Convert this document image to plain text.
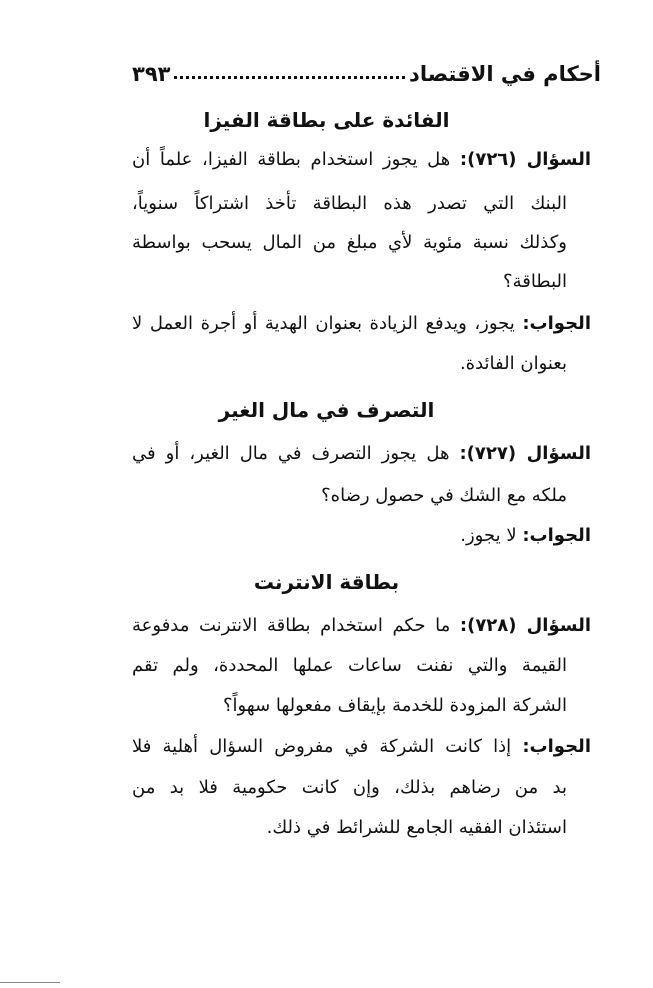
أحكام في الاقتصاد
٣٩٣
الفائدة على بطاقة الفيزا
السؤال (٧٢٦): هل يجوز استخدام بطاقة الفيزا، علماً أن
البنك التي تصدر هذه البطاقة تأخذ اشتراكاً سنوياً،
وكذلك نسبة مئوية لأي مبلغ من المال يسحب بواسطة
البطاقة؟
الجواب: يجوز، ويدفع الزيادة بعنوان الهدية أو أجرة العمل لا
بعنوان الفائدة.
التصرف في مال الغير
السؤال (٧٢٧): هل يجوز التصرف في مال الغير، أو في
ملكه مع الشك في حصول رضاه؟
الجواب: لا يجوز.
بطاقة الانترنت
السؤال (٧٢٨): ما حكم استخدام بطاقة الانترنت مدفوعة
القيمة والتي نفنت ساعات عملها المحددة، ولم تقم
الشركة المزودة للخدمة بإيقاف مفعولها سهواً؟
الجواب: إذا كانت الشركة في مفروض السؤال أهلية فلا
بد من رضاهم بذلك، وإن كانت حكومية فلا بد من
استئذان الفقيه الجامع للشرائط في ذلك.
